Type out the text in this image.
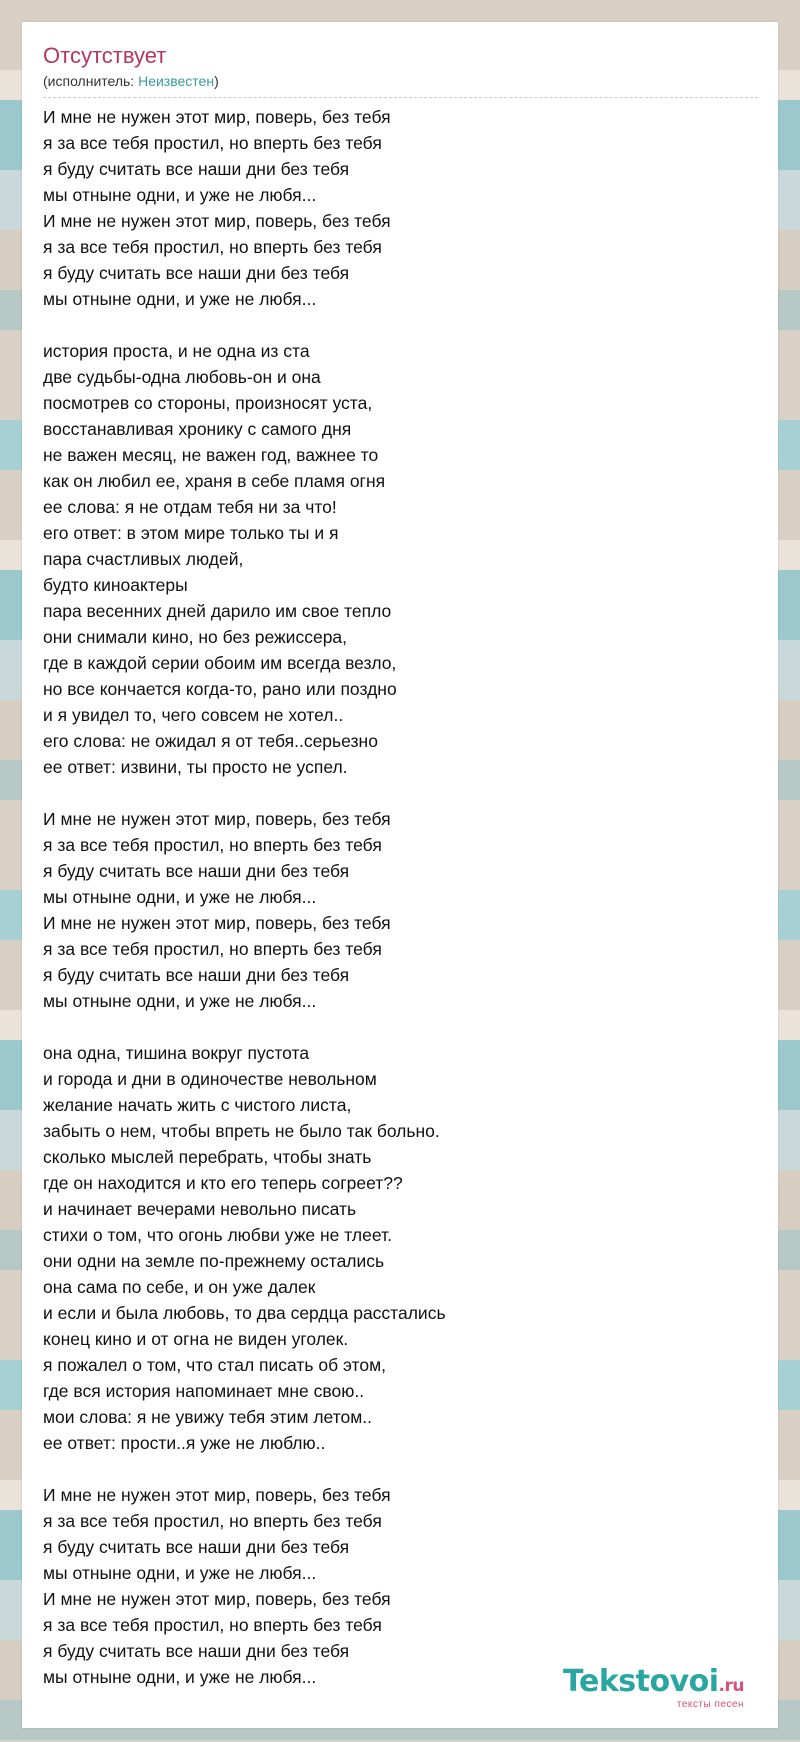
Отсутствует
(исполнитель: Неизвестен)
И мне не нужен этот мир, поверь, без тебя
я за все тебя простил, но вперть без тебя
я буду считать все наши дни без тебя
мы отныне одни, и уже не любя...
И мне не нужен этот мир, поверь, без тебя
я за все тебя простил, но вперть без тебя
я буду считать все наши дни без тебя
мы отныне одни, и уже не любя...
история проста, и не одна из ста
две судьбы-одна любовь-он и она
посмотрев со стороны, произносят уста,
восстанавливая хронику с самого дня
не важен месяц, не важен год, важнее то
как он любил ее, храня в себе пламя огня
ее слова: я не отдам тебя ни за что!
его ответ: в этом мире только ты и я
пара счастливых людей,
будто киноактеры
пара весенних дней дарило им свое тепло
они снимали кино, но без режиссера,
где в каждой серии обоим им всегда везло,
но все кончается когда-то, рано или поздно
и я увидел то, чего совсем не хотел..
его слова: не ожидал я от тебя..серьезно
ее ответ: извини, ты просто не успел.
И мне не нужен этот мир, поверь, без тебя
я за все тебя простил, но вперть без тебя
я буду считать все наши дни без тебя
мы отныне одни, и уже не любя...
И мне не нужен этот мир, поверь, без тебя
я за все тебя простил, но вперть без тебя
я буду считать все наши дни без тебя
мы отныне одни, и уже не любя...
она одна, тишина вокруг пустота
и города и дни в одиночестве невольном
желание начать жить с чистого листа,
забыть о нем, чтобы впреть не было так больно.
сколько мыслей перебрать, чтобы знать
где он находится и кто его теперь согреет??
и начинает вечерами невольно писать
стихи о том, что огонь любви уже не тлеет.
они одни на земле по-прежнему остались
она сама по себе, и он уже далек
и если и была любовь, то два сердца расстались
конец кино и от огна не виден уголек.
я пожалел о том, что стал писать об этом,
где вся история напоминает мне свою..
мои слова: я не увижу тебя этим летом..
ее ответ: прости..я уже не люблю..
И мне не нужен этот мир, поверь, без тебя
я за все тебя простил, но вперть без тебя
я буду считать все наши дни без тебя
мы отныне одни, и уже не любя...
И мне не нужен этот мир, поверь, без тебя
я за все тебя простил, но вперть без тебя
я буду считать все наши дни без тебя
мы отныне одни, и уже не любя...	Tekstovoi.ru
тексты песен
